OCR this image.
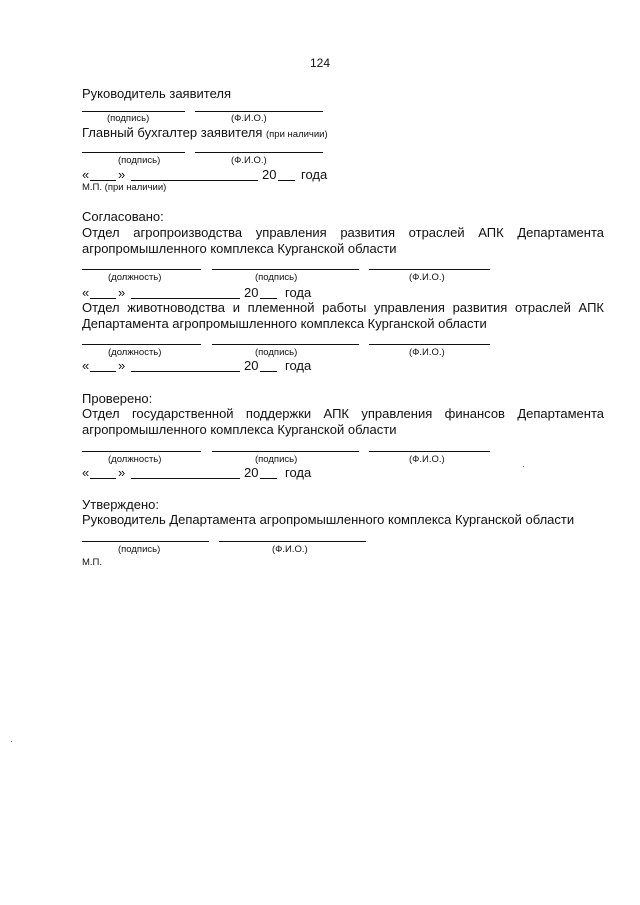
124
Руководитель заявителя
(подпись)	(Ф.И.О.)
Главный бухгалтер заявителя (при наличии)
(подпись)	(Ф.И.О.)
« »	20 года
М.П. (при наличии)
Согласовано:
Отдел агропроизводства управления развития отраслей АПК Департамента агропромышленного комплекса Курганской области
(должность)	(подпись)	(Ф.И.О.)
« »	20 года
Отдел животноводства и племенной работы управления развития отраслей АПК Департамента агропромышленного комплекса Курганской области
(должность)	(подпись)	(Ф.И.О.)
« »	20 года
Проверено:
Отдел государственной поддержки АПК управления финансов Департамента агропромышленного комплекса Курганской области
(должность)	(подпись)	(Ф.И.О.)
« »	20 года
Утверждено:
Руководитель Департамента агропромышленного комплекса Курганской области
(подпись)	(Ф.И.О.)
М.П.
